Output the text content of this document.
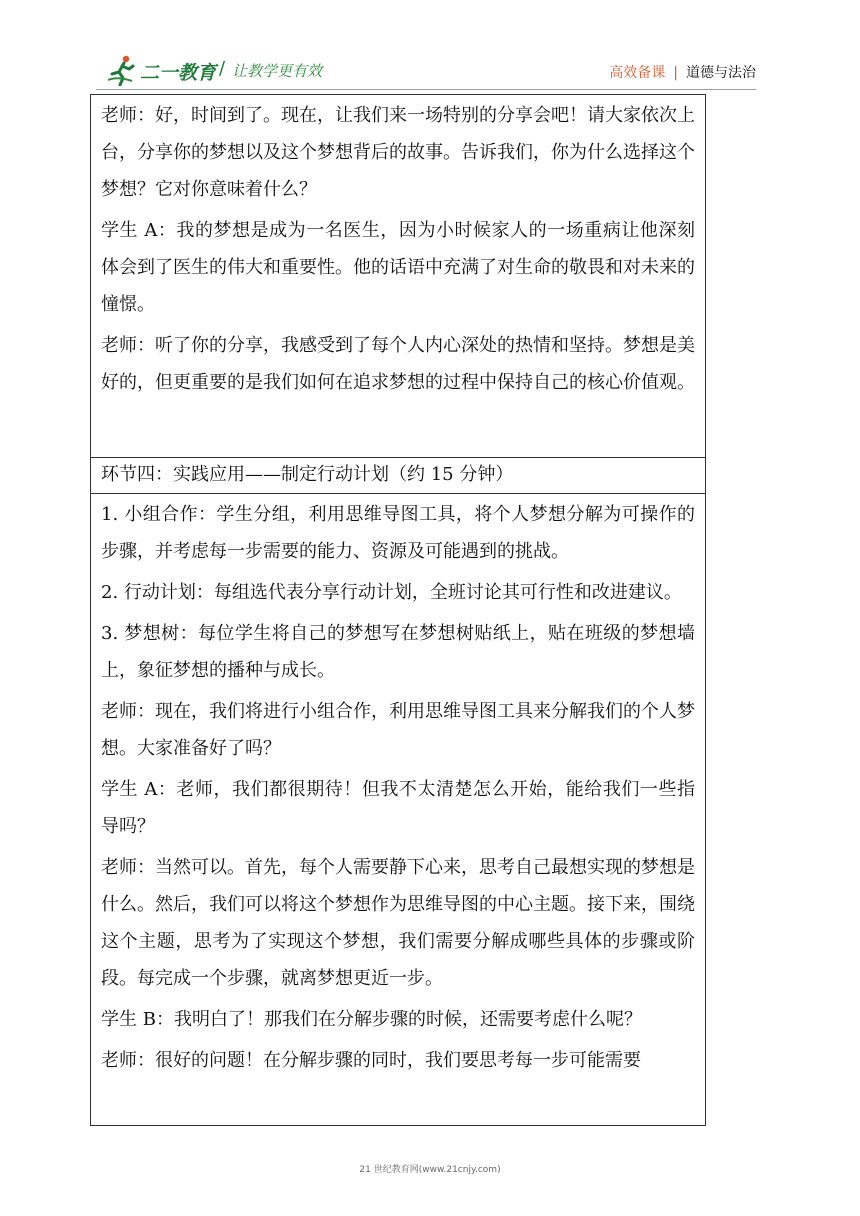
二一教育 / 让教学更有效	高效备课 | 道德与法治

老师：好，时间到了。现在，让我们来一场特别的分享会吧！请大家依次上台，分享你的梦想以及这个梦想背后的故事。告诉我们，你为什么选择这个梦想？它对你意味着什么？

学生 A：我的梦想是成为一名医生，因为小时候家人的一场重病让他深刻体会到了医生的伟大和重要性。他的话语中充满了对生命的敬畏和对未来的憧憬。

老师：听了你的分享，我感受到了每个人内心深处的热情和坚持。梦想是美好的，但更重要的是我们如何在追求梦想的过程中保持自己的核心价值观。

环节四：实践应用——制定行动计划（约 15 分钟）

1. 小组合作：学生分组，利用思维导图工具，将个人梦想分解为可操作的步骤，并考虑每一步需要的能力、资源及可能遇到的挑战。

2. 行动计划：每组选代表分享行动计划，全班讨论其可行性和改进建议。

3. 梦想树：每位学生将自己的梦想写在梦想树贴纸上，贴在班级的梦想墙上，象征梦想的播种与成长。

老师：现在，我们将进行小组合作，利用思维导图工具来分解我们的个人梦想。大家准备好了吗？

学生 A：老师，我们都很期待！但我不太清楚怎么开始，能给我们一些指导吗？

老师：当然可以。首先，每个人需要静下心来，思考自己最想实现的梦想是什么。然后，我们可以将这个梦想作为思维导图的中心主题。接下来，围绕这个主题，思考为了实现这个梦想，我们需要分解成哪些具体的步骤或阶段。每完成一个步骤，就离梦想更近一步。

学生 B：我明白了！那我们在分解步骤的时候，还需要考虑什么呢？

老师：很好的问题！在分解步骤的同时，我们要思考每一步可能需要

21 世纪教育网(www.21cnjy.com)
